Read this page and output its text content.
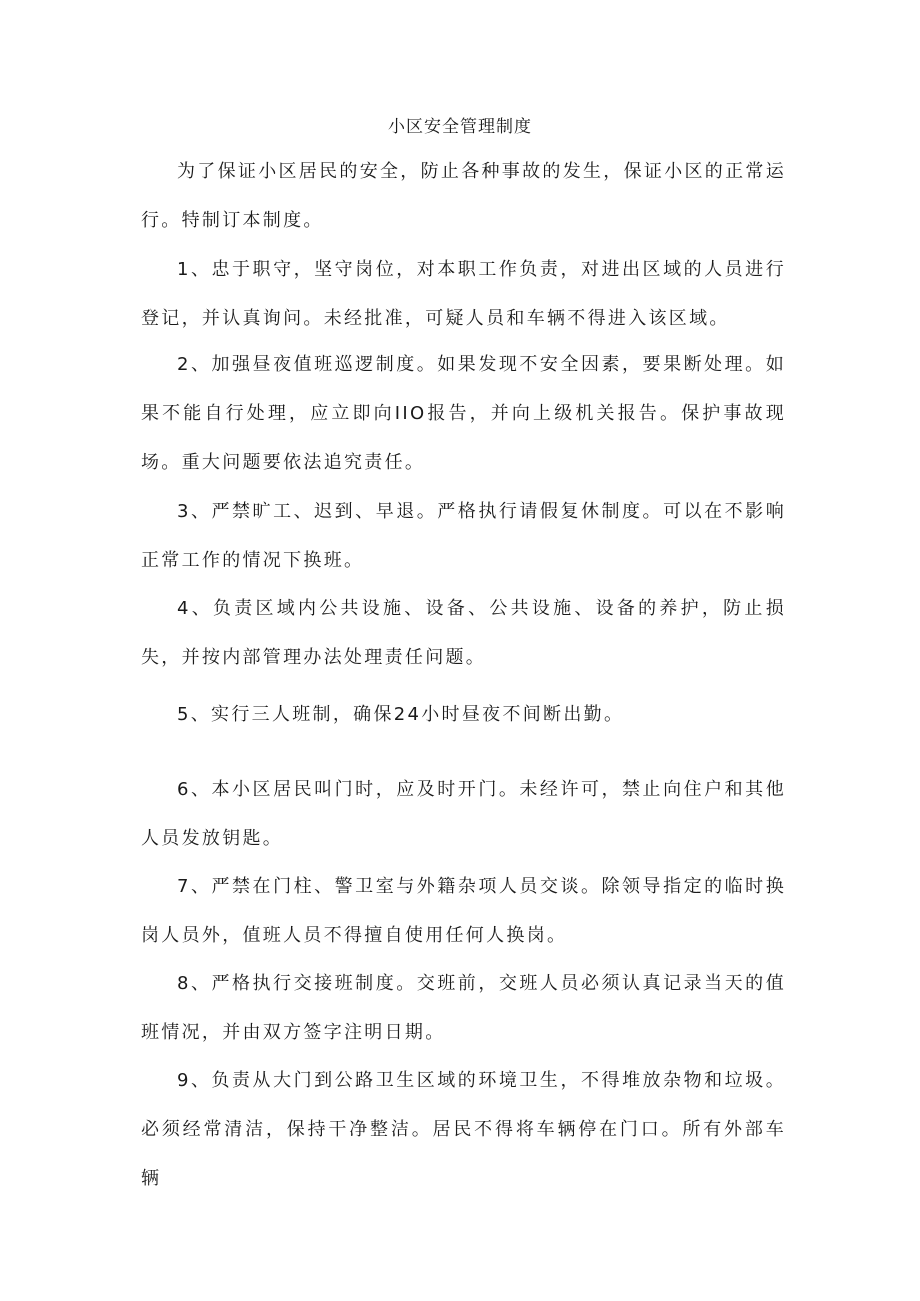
小区安全管理制度

为了保证小区居民的安全，防止各种事故的发生，保证小区的正常运行。特制订本制度。

1、忠于职守，坚守岗位，对本职工作负责，对进出区域的人员进行登记，并认真询问。未经批准，可疑人员和车辆不得进入该区域。

2、加强昼夜值班巡逻制度。如果发现不安全因素，要果断处理。如果不能自行处理，应立即向IIO报告，并向上级机关报告。保护事故现场。重大问题要依法追究责任。

3、严禁旷工、迟到、早退。严格执行请假复休制度。可以在不影响正常工作的情况下换班。

4、负责区域内公共设施、设备、公共设施、设备的养护，防止损失，并按内部管理办法处理责任问题。

5、实行三人班制，确保24小时昼夜不间断出勤。

6、本小区居民叫门时，应及时开门。未经许可，禁止向住户和其他人员发放钥匙。

7、严禁在门柱、警卫室与外籍杂项人员交谈。除领导指定的临时换岗人员外，值班人员不得擅自使用任何人换岗。

8、严格执行交接班制度。交班前，交班人员必须认真记录当天的值班情况，并由双方签字注明日期。

9、负责从大门到公路卫生区域的环境卫生，不得堆放杂物和垃圾。必须经常清洁，保持干净整洁。居民不得将车辆停在门口。所有外部车辆
